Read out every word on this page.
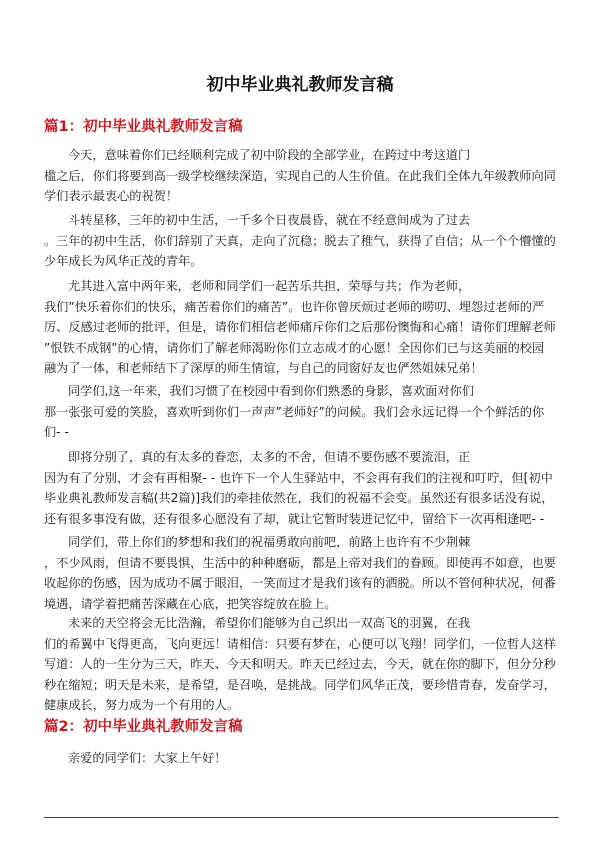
初中毕业典礼教师发言稿
篇1：初中毕业典礼教师发言稿
今天，意味着你们已经顺利完成了初中阶段的全部学业，在跨过中考这道门
槛之后，你们将要到高一级学校继续深造，实现自己的人生价值。在此我们全体九年级教师向同
学们表示最衷心的祝贺！
斗转星移，三年的初中生活，一千多个日夜晨昏，就在不经意间成为了过去
。三年的初中生活，你们辞别了天真，走向了沉稳；脱去了稚气，获得了自信；从一个个懵懂的
少年成长为风华正茂的青年。
尤其进入富中两年来，老师和同学们一起苦乐共担，荣辱与共；作为老师，
我们”快乐着你们的快乐，痛苦着你们的痛苦”。也许你曾厌烦过老师的唠叨、埋怨过老师的严
厉、反感过老师的批评，但是，请你们相信老师痛斥你们之后那份懊悔和心痛！请你们理解老师
”恨铁不成钢”的心情，请你们了解老师渴盼你们立志成才的心愿！全因你们已与这美丽的校园
融为了一体，和老师结下了深厚的师生情谊，与自己的同窗好友也俨然姐妹兄弟！
同学们,这一年来，我们习惯了在校园中看到你们熟悉的身影，喜欢面对你们
那一张张可爱的笑脸，喜欢听到你们一声声”老师好”的问候。我们会永远记得一个个鲜活的你
们- -
即将分别了，真的有太多的眷恋，太多的不舍，但请不要伤感不要流泪，正
因为有了分别，才会有再相聚- - 也许下一个人生驿站中，不会再有我们的注视和叮咛，但[初中
毕业典礼教师发言稿(共2篇)]我们的牵挂依然在，我们的祝福不会变。虽然还有很多话没有说，
还有很多事没有做，还有很多心愿没有了却，就让它暂时装进记忆中，留给下一次再相逢吧- -
同学们，带上你们的梦想和我们的祝福勇敢向前吧，前路上也许有不少荆棘
，不少风雨，但请不要畏惧，生活中的种种磨砺，都是上帝对我们的眷顾。即使再不如意，也要
收起你的伤感，因为成功不属于眼泪，一笑而过才是我们该有的洒脱。所以不管何种状况，何番
境遇，请学着把痛苦深藏在心底，把笑容绽放在脸上。
未来的天空将会无比浩瀚，希望你们能够为自己织出一双高飞的羽翼，在我
们的希翼中飞得更高，飞向更远！请相信：只要有梦在，心便可以飞翔！同学们，一位哲人这样
写道：人的一生分为三天，昨天、今天和明天。昨天已经过去，今天，就在你的脚下，但分分秒
秒在缩短；明天是未来，是希望，是召唤，是挑战。同学们风华正茂，要珍惜青春，发奋学习，
健康成长，努力成为一个有用的人。
篇2：初中毕业典礼教师发言稿
亲爱的同学们：大家上午好！
